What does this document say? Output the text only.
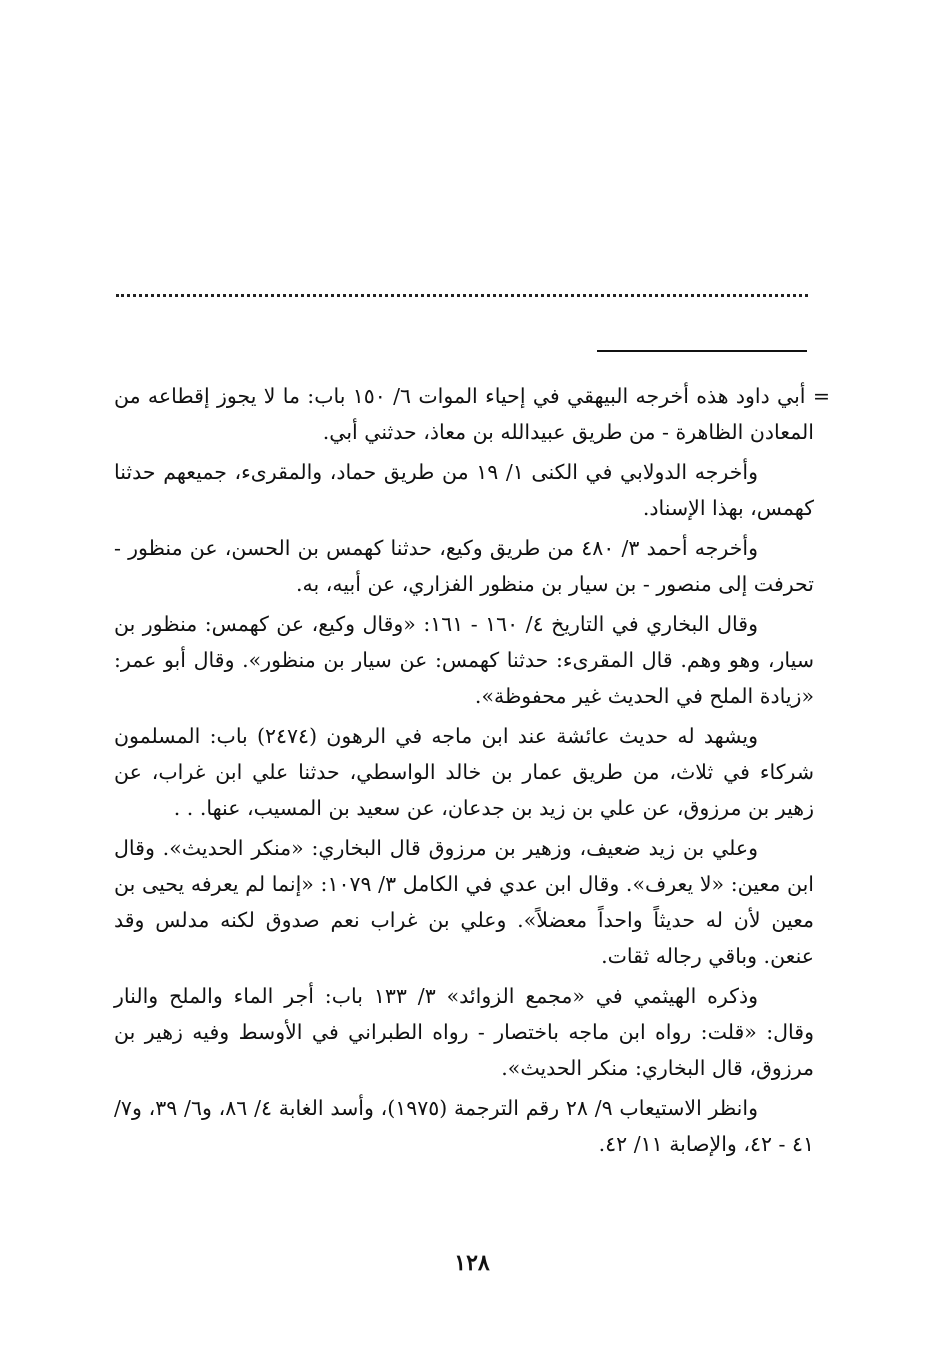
= أبي داود هذه أخرجه البيهقي في إحياء الموات ٦/ ١٥٠ باب: ما لا يجوز إقطاعه من المعادن الظاهرة - من طريق عبيدالله بن معاذ، حدثني أبي.

وأخرجه الدولابي في الكنى ١/ ١٩ من طريق حماد، والمقرىء، جميعهم حدثنا كهمس، بهذا الإسناد.

وأخرجه أحمد ٣/ ٤٨٠ من طريق وكيع، حدثنا كهمس بن الحسن، عن منظور - تحرفت إلى منصور - بن سيار بن منظور الفزاري، عن أبيه، به.

وقال البخاري في التاريخ ٤/ ١٦٠ - ١٦١: «وقال وكيع، عن كهمس: منظور بن سيار، وهو وهم. قال المقرىء: حدثنا كهمس: عن سيار بن منظور». وقال أبو عمر: «زيادة الملح في الحديث غير محفوظة».

ويشهد له حديث عائشة عند ابن ماجه في الرهون (٢٤٧٤) باب: المسلمون شركاء في ثلاث، من طريق عمار بن خالد الواسطي، حدثنا علي ابن غراب، عن زهير بن مرزوق، عن علي بن زيد بن جدعان، عن سعيد بن المسيب، عنها. . .

وعلي بن زيد ضعيف، وزهير بن مرزوق قال البخاري: «منكر الحديث». وقال ابن معين: «لا يعرف». وقال ابن عدي في الكامل ٣/ ١٠٧٩: «إنما لم يعرفه يحيى بن معين لأن له حديثاً واحداً معضلاً». وعلي بن غراب نعم صدوق لكنه مدلس وقد عنعن. وباقي رجاله ثقات.

وذكره الهيثمي في «مجمع الزوائد» ٣/ ١٣٣ باب: أجر الماء والملح والنار وقال: «قلت: رواه ابن ماجه باختصار - رواه الطبراني في الأوسط وفيه زهير بن مرزوق، قال البخاري: منكر الحديث».

وانظر الاستيعاب ٩/ ٢٨ رقم الترجمة (١٩٧٥)، وأسد الغابة ٤/ ٨٦، و٦/ ٣٩، و٧/ ٤١ - ٤٢، والإصابة ١١/ ٤٢.

١٢٨
